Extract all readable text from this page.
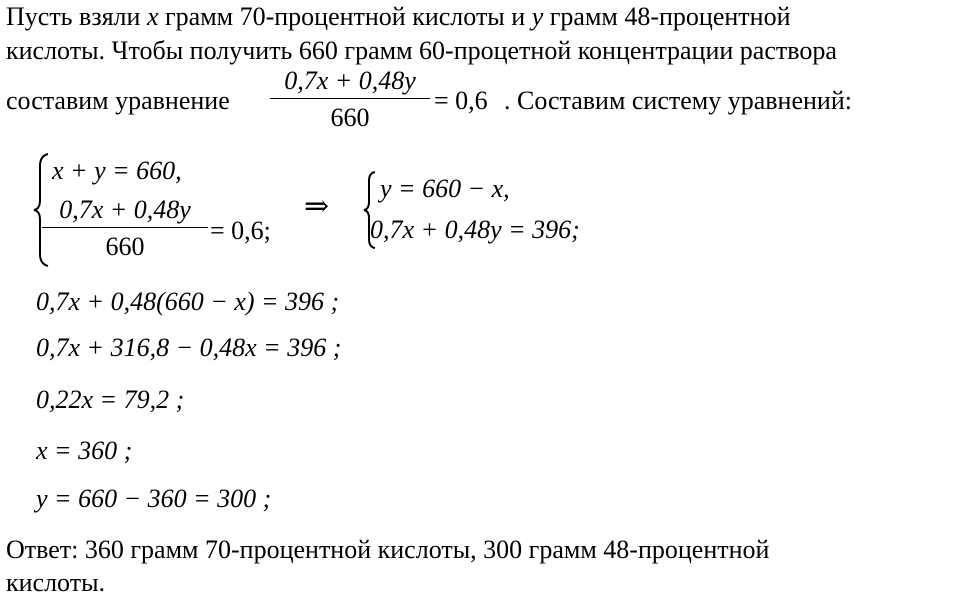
Пусть взяли x грамм 70-процентной кислоты и y грамм 48-процентной
кислоты. Чтобы получить 660 грамм 60-процетной концентрации раствора
составим уравнение
0,7x + 0,48y
660
= 0,6 . Составим систему уравнений:
x + y = 660,
0,7x + 0,48y
660
= 0,6;
⇒
y = 660 − x,
0,7x + 0,48y = 396;
0,7x + 0,48(660 − x) = 396 ;
0,7x + 316,8 − 0,48x = 396 ;
0,22x = 79,2 ;
x = 360 ;
y = 660 − 360 = 300 ;
Ответ: 360 грамм 70-процентной кислоты, 300 грамм 48-процентной
кислоты.
